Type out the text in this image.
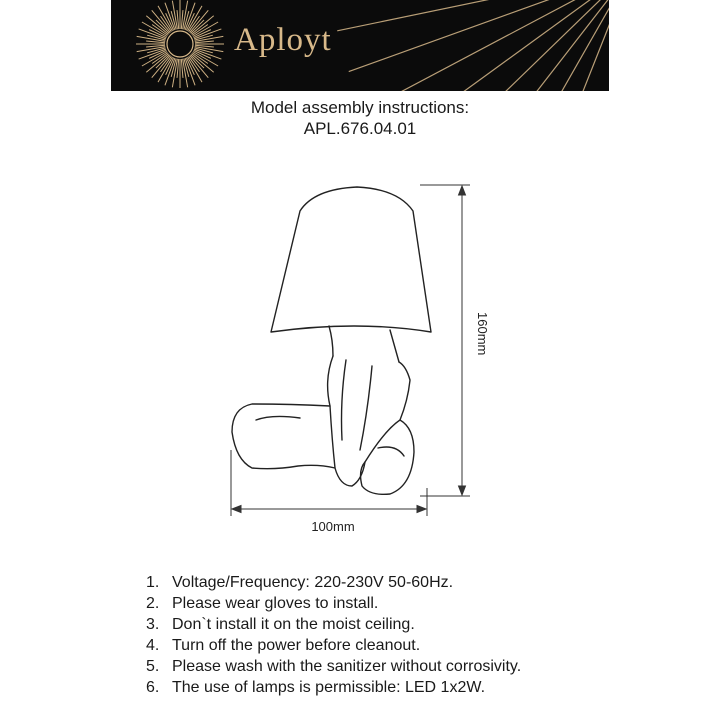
Aployt
Model assembly instructions:
APL.676.04.01
160mm
100mm
1. Voltage/Frequency: 220-230V 50-60Hz.
2. Please wear gloves to install.
3. Don`t install it on the moist ceiling.
4. Turn off the power before cleanout.
5. Please wash with the sanitizer without corrosivity.
6. The use of lamps is permissible: LED 1x2W.
